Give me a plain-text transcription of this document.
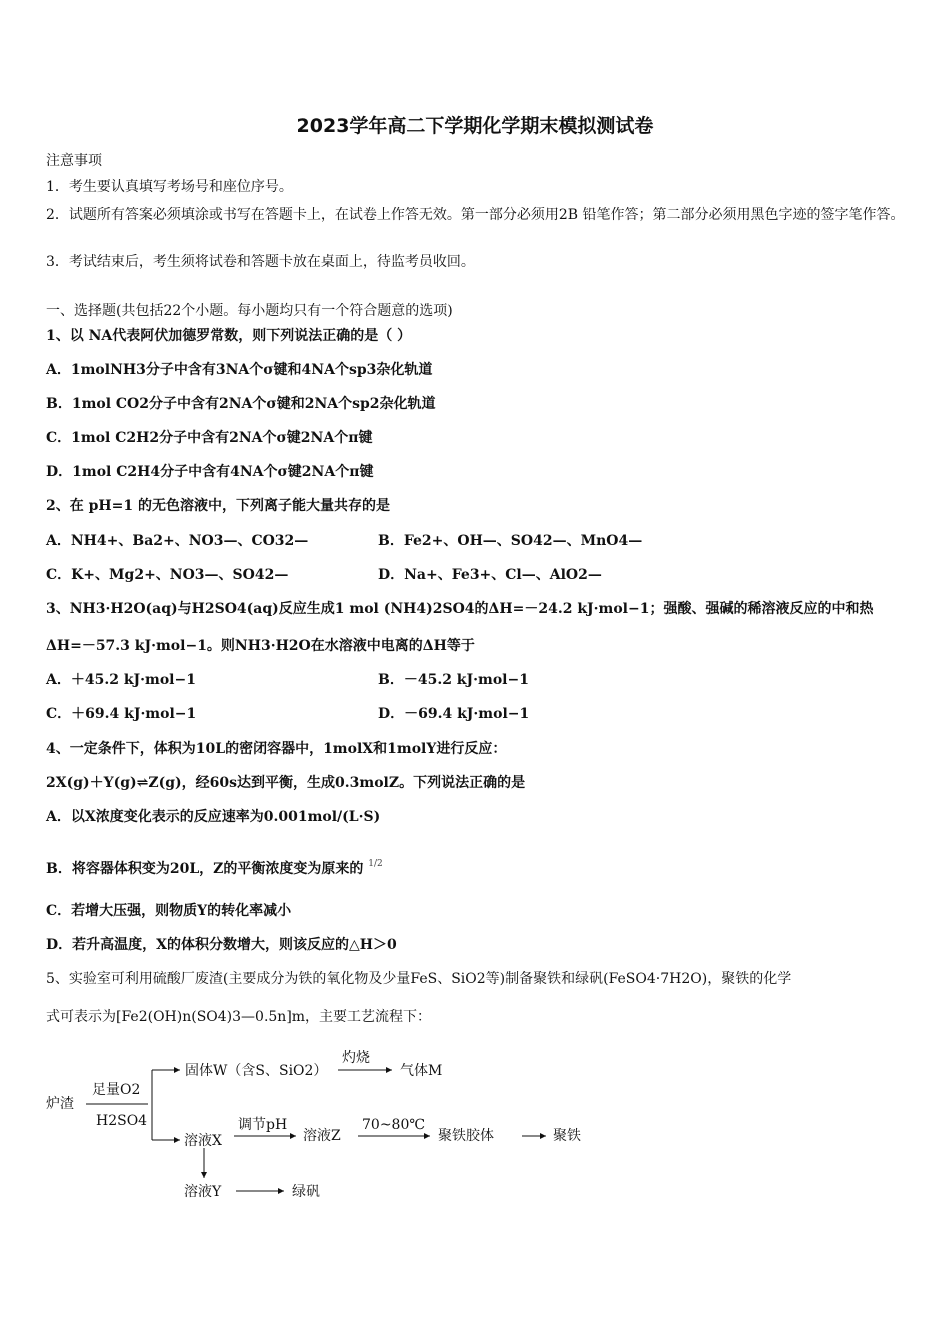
2023学年高二下学期化学期末模拟测试卷
注意事项
1．考生要认真填写考场号和座位序号。
2．试题所有答案必须填涂或书写在答题卡上，在试卷上作答无效。第一部分必须用2B 铅笔作答；第二部分必须用黑色字迹的签字笔作答。
3．考试结束后，考生须将试卷和答题卡放在桌面上，待监考员收回。
一、选择题(共包括22个小题。每小题均只有一个符合题意的选项)
1、以 NA代表阿伏加德罗常数，则下列说法正确的是（ ）
A．1molNH3分子中含有3NA个σ键和4NA个sp3杂化轨道
B．1mol CO2分子中含有2NA个σ键和2NA个sp2杂化轨道
C．1mol C2H2分子中含有2NA个σ键2NA个π键
D．1mol C2H4分子中含有4NA个σ键2NA个π键
2、在 pH=1 的无色溶液中，下列离子能大量共存的是
A．NH4+、Ba2+、NO3—、CO32—	B．Fe2+、OH—、SO42—、MnO4—
C．K+、Mg2+、NO3—、SO42—	D．Na+、Fe3+、Cl—、AlO2—
3、NH3·H2O(aq)与H2SO4(aq)反应生成1 mol (NH4)2SO4的ΔH=－24.2 kJ·mol−1；强酸、强碱的稀溶液反应的中和热
ΔH=－57.3 kJ·mol−1。则NH3·H2O在水溶液中电离的ΔH等于
A．＋45.2 kJ·mol−1	B．－45.2 kJ·mol−1
C．＋69.4 kJ·mol−1	D．－69.4 kJ·mol−1
4、一定条件下，体积为10L的密闭容器中，1molX和1molY进行反应：
2X(g)＋Y(g)⇌Z(g)，经60s达到平衡，生成0.3molZ。下列说法正确的是
A．以X浓度变化表示的反应速率为0.001mol/(L·S)
B．将容器体积变为20L，Z的平衡浓度变为原来的 $^{1/2}$
C．若增大压强，则物质Y的转化率减小
D．若升高温度，X的体积分数增大，则该反应的△H＞0
5、实验室可利用硫酸厂废渣(主要成分为铁的氧化物及少量FeS、SiO2等)制备聚铁和绿矾(FeSO4·7H2O)，聚铁的化学
式可表示为[Fe2(OH)n(SO4)3—0.5n]m，主要工艺流程下：
炉渣
足量O2
H2SO4
固体W（含S、SiO2）
灼烧
气体M
溶液X
调节pH
溶液Z
70~80℃
聚铁胶体	聚铁
溶液Y	绿矾
